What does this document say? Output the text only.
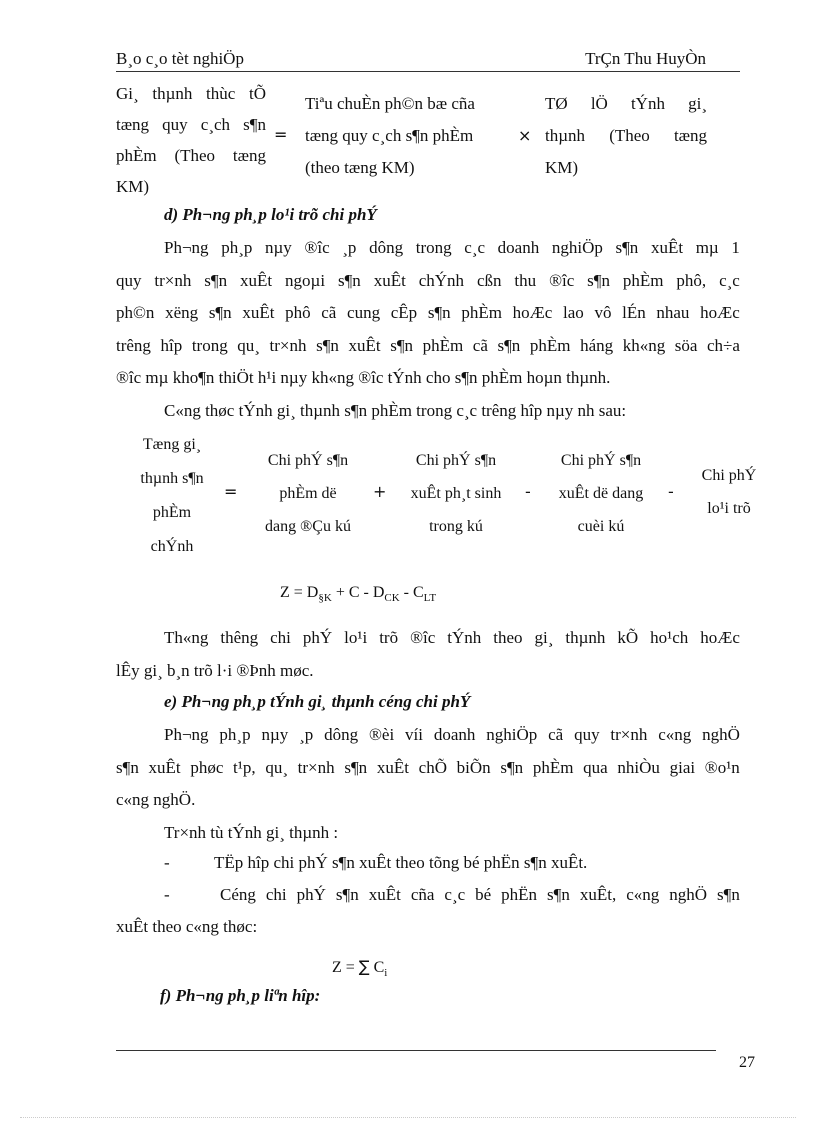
B¸o c¸o tèt nghiÖp	TrÇn Thu HuyÒn
Gi¸ thµnh thùc tÕ
tæng quy c¸ch s¶n
phÈm (Theo tæng
KM)
=
Tiªu chuÈn ph©n bæ cña
tæng quy c¸ch s¶n phÈm
(theo tæng KM)
×
TØ lÖ tÝnh gi¸
thµnh (Theo tæng
KM)
d) Ph¬ng ph¸p lo¹i trõ chi phÝ
Ph¬ng ph¸p nµy ®îc ¸p dông trong c¸c doanh nghiÖp s¶n xuÊt mµ 1
quy tr×nh s¶n xuÊt ngoµi s¶n xuÊt chÝnh cßn thu ®îc s¶n phÈm phô, c¸c
ph©n xëng s¶n xuÊt phô cã cung cÊp s¶n phÈm hoÆc lao vô lÉn nhau hoÆc
trêng hîp trong qu¸ tr×nh s¶n xuÊt s¶n phÈm cã s¶n phÈm háng kh«ng söa ch÷a
®îc mµ kho¶n thiÖt h¹i nµy kh«ng ®îc tÝnh cho s¶n phÈm hoµn thµnh.
C«ng thøc tÝnh gi¸ thµnh s¶n phÈm trong c¸c trêng hîp nµy nh sau:
Tæng gi¸
thµnh s¶n
phÈm
chÝnh
=
Chi phÝ s¶n
phÈm dë
dang ®Çu kú
+
Chi phÝ s¶n
xuÊt ph¸t sinh
trong kú
-
Chi phÝ s¶n
xuÊt dë dang
cuèi kú
-
Chi phÝ
lo¹i trõ
$Z = D_{\S K} + C - D_{CK} - C_{LT}$
Th«ng thêng chi phÝ lo¹i trõ ®îc tÝnh theo gi¸ thµnh kÕ ho¹ch hoÆc
lÊy gi¸ b¸n trõ l·i ®Þnh møc.
e) Ph¬ng ph¸p tÝnh gi¸ thµnh céng chi phÝ
Ph¬ng ph¸p nµy ¸p dông ®èi víi doanh nghiÖp cã quy tr×nh c«ng nghÖ
s¶n xuÊt phøc t¹p, qu¸ tr×nh s¶n xuÊt chÕ biÕn s¶n phÈm qua nhiÒu giai ®o¹n
c«ng nghÖ.
Tr×nh tù tÝnh gi¸ thµnh :
-	TËp hîp chi phÝ s¶n xuÊt theo tõng bé phËn s¶n xuÊt.
-	Céng chi phÝ s¶n xuÊt cña c¸c bé phËn s¶n xuÊt, c«ng nghÖ s¶n
xuÊt theo c«ng thøc:
Z = ∑ $C_i$
f) Ph¬ng ph¸p liªn hîp:
27
